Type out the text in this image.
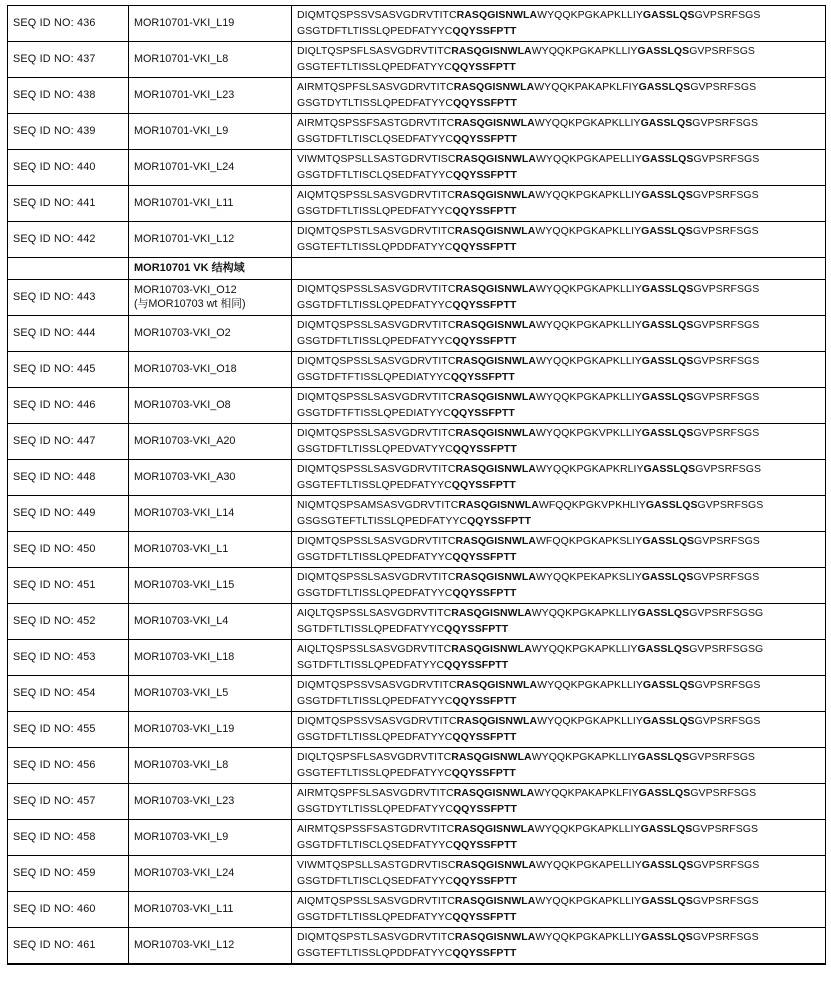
SEQ ID NO: 436	MOR10701-VKI_L19	DIQMTQSPSSVSASVGDRVTITCRASQGISNWLAWYQQKPGKAPKLLIYGASSLQSGVPSRFSGS
GSGTDFTLTISSLQPEDFATYYCQQYSSFPTT
SEQ ID NO: 437	MOR10701-VKI_L8	DIQLTQSPSFLSASVGDRVTITCRASQGISNWLAWYQQKPGKAPKLLIYGASSLQSGVPSRFSGS
GSGTEFTLTISSLQPEDFATYYCQQYSSFPTT
SEQ ID NO: 438	MOR10701-VKI_L23	AIRMTQSPFSLSASVGDRVTITCRASQGISNWLAWYQQKPAKAPKLFIYGASSLQSGVPSRFSGS
GSGTDYTLTISSLQPEDFATYYCQQYSSFPTT
SEQ ID NO: 439	MOR10701-VKI_L9	AIRMTQSPSSFSASTGDRVTITCRASQGISNWLAWYQQKPGKAPKLLIYGASSLQSGVPSRFSGS
GSGTDFTLTISCLQSEDFATYYCQQYSSFPTT
SEQ ID NO: 440	MOR10701-VKI_L24	VIWMTQSPSLLSASTGDRVTISCRASQGISNWLAWYQQKPGKAPELLIYGASSLQSGVPSRFSGS
GSGTDFTLTISCLQSEDFATYYCQQYSSFPTT
SEQ ID NO: 441	MOR10701-VKI_L11	AIQMTQSPSSLSASVGDRVTITCRASQGISNWLAWYQQKPGKAPKLLIYGASSLQSGVPSRFSGS
GSGTDFTLTISSLQPEDFATYYCQQYSSFPTT
SEQ ID NO: 442	MOR10701-VKI_L12	DIQMTQSPSTLSASVGDRVTITCRASQGISNWLAWYQQKPGKAPKLLIYGASSLQSGVPSRFSGS
GSGTEFTLTISSLQPDDFATYYCQQYSSFPTT
	MOR10701 VK 结构域	
SEQ ID NO: 443	MOR10703-VKI_O12
(与MOR10703 wt 相同)	DIQMTQSPSSLSASVGDRVTITCRASQGISNWLAWYQQKPGKAPKLLIYGASSLQSGVPSRFSGS
GSGTDFTLTISSLQPEDFATYYCQQYSSFPTT
SEQ ID NO: 444	MOR10703-VKI_O2	DIQMTQSPSSLSASVGDRVTITCRASQGISNWLAWYQQKPGKAPKLLIYGASSLQSGVPSRFSGS
GSGTDFTLTISSLQPEDFATYYCQQYSSFPTT
SEQ ID NO: 445	MOR10703-VKI_O18	DIQMTQSPSSLSASVGDRVTITCRASQGISNWLAWYQQKPGKAPKLLIYGASSLQSGVPSRFSGS
GSGTDFTFTISSLQPEDIATYYCQQYSSFPTT
SEQ ID NO: 446	MOR10703-VKI_O8	DIQMTQSPSSLSASVGDRVTITCRASQGISNWLAWYQQKPGKAPKLLIYGASSLQSGVPSRFSGS
GSGTDFTFTISSLQPEDIATYYCQQYSSFPTT
SEQ ID NO: 447	MOR10703-VKI_A20	DIQMTQSPSSLSASVGDRVTITCRASQGISNWLAWYQQKPGKVPKLLIYGASSLQSGVPSRFSGS
GSGTDFTLTISSLQPEDVATYYCQQYSSFPTT
SEQ ID NO: 448	MOR10703-VKI_A30	DIQMTQSPSSLSASVGDRVTITCRASQGISNWLAWYQQKPGKAPKRLIYGASSLQSGVPSRFSGS
GSGTEFTLTISSLQPEDFATYYCQQYSSFPTT
SEQ ID NO: 449	MOR10703-VKI_L14	NIQMTQSPSAMSASVGDRVTITCRASQGISNWLAWFQQKPGKVPKHLIYGASSLQSGVPSRFSGS
GSGSGTEFTLTISSLQPEDFATYYCQQYSSFPTT
SEQ ID NO: 450	MOR10703-VKI_L1	DIQMTQSPSSLSASVGDRVTITCRASQGISNWLAWFQQKPGKAPKSLIYGASSLQSGVPSRFSGS
GSGTDFTLTISSLQPEDFATYYCQQYSSFPTT
SEQ ID NO: 451	MOR10703-VKI_L15	DIQMTQSPSSLSASVGDRVTITCRASQGISNWLAWYQQKPEKAPKSLIYGASSLQSGVPSRFSGS
GSGTDFTLTISSLQPEDFATYYCQQYSSFPTT
SEQ ID NO: 452	MOR10703-VKI_L4	AIQLTQSPSSLSASVGDRVTITCRASQGISNWLAWYQQKPGKAPKLLIYGASSLQSGVPSRFSGSG
SGTDFTLTISSLQPEDFATYYCQQYSSFPTT
SEQ ID NO: 453	MOR10703-VKI_L18	AIQLTQSPSSLSASVGDRVTITCRASQGISNWLAWYQQKPGKAPKLLIYGASSLQSGVPSRFSGSG
SGTDFTLTISSLQPEDFATYYCQQYSSFPTT
SEQ ID NO: 454	MOR10703-VKI_L5	DIQMTQSPSSVSASVGDRVTITCRASQGISNWLAWYQQKPGKAPKLLIYGASSLQSGVPSRFSGS
GSGTDFTLTISSLQPEDFATYYCQQYSSFPTT
SEQ ID NO: 455	MOR10703-VKI_L19	DIQMTQSPSSVSASVGDRVTITCRASQGISNWLAWYQQKPGKAPKLLIYGASSLQSGVPSRFSGS
GSGTDFTLTISSLQPEDFATYYCQQYSSFPTT
SEQ ID NO: 456	MOR10703-VKI_L8	DIQLTQSPSFLSASVGDRVTITCRASQGISNWLAWYQQKPGKAPKLLIYGASSLQSGVPSRFSGS
GSGTEFTLTISSLQPEDFATYYCQQYSSFPTT
SEQ ID NO: 457	MOR10703-VKI_L23	AIRMTQSPFSLSASVGDRVTITCRASQGISNWLAWYQQKPAKAPKLFIYGASSLQSGVPSRFSGS
GSGTDYTLTISSLQPEDFATYYCQQYSSFPTT
SEQ ID NO: 458	MOR10703-VKI_L9	AIRMTQSPSSFSASTGDRVTITCRASQGISNWLAWYQQKPGKAPKLLIYGASSLQSGVPSRFSGS
GSGTDFTLTISCLQSEDFATYYCQQYSSFPTT
SEQ ID NO: 459	MOR10703-VKI_L24	VIWMTQSPSLLSASTGDRVTISCRASQGISNWLAWYQQKPGKAPELLIYGASSLQSGVPSRFSGS
GSGTDFTLTISCLQSEDFATYYCQQYSSFPTT
SEQ ID NO: 460	MOR10703-VKI_L11	AIQMTQSPSSLSASVGDRVTITCRASQGISNWLAWYQQKPGKAPKLLIYGASSLQSGVPSRFSGS
GSGTDFTLTISSLQPEDFATYYCQQYSSFPTT
SEQ ID NO: 461	MOR10703-VKI_L12	DIQMTQSPSTLSASVGDRVTITCRASQGISNWLAWYQQKPGKAPKLLIYGASSLQSGVPSRFSGS
GSGTEFTLTISSLQPDDFATYYCQQYSSFPTT
